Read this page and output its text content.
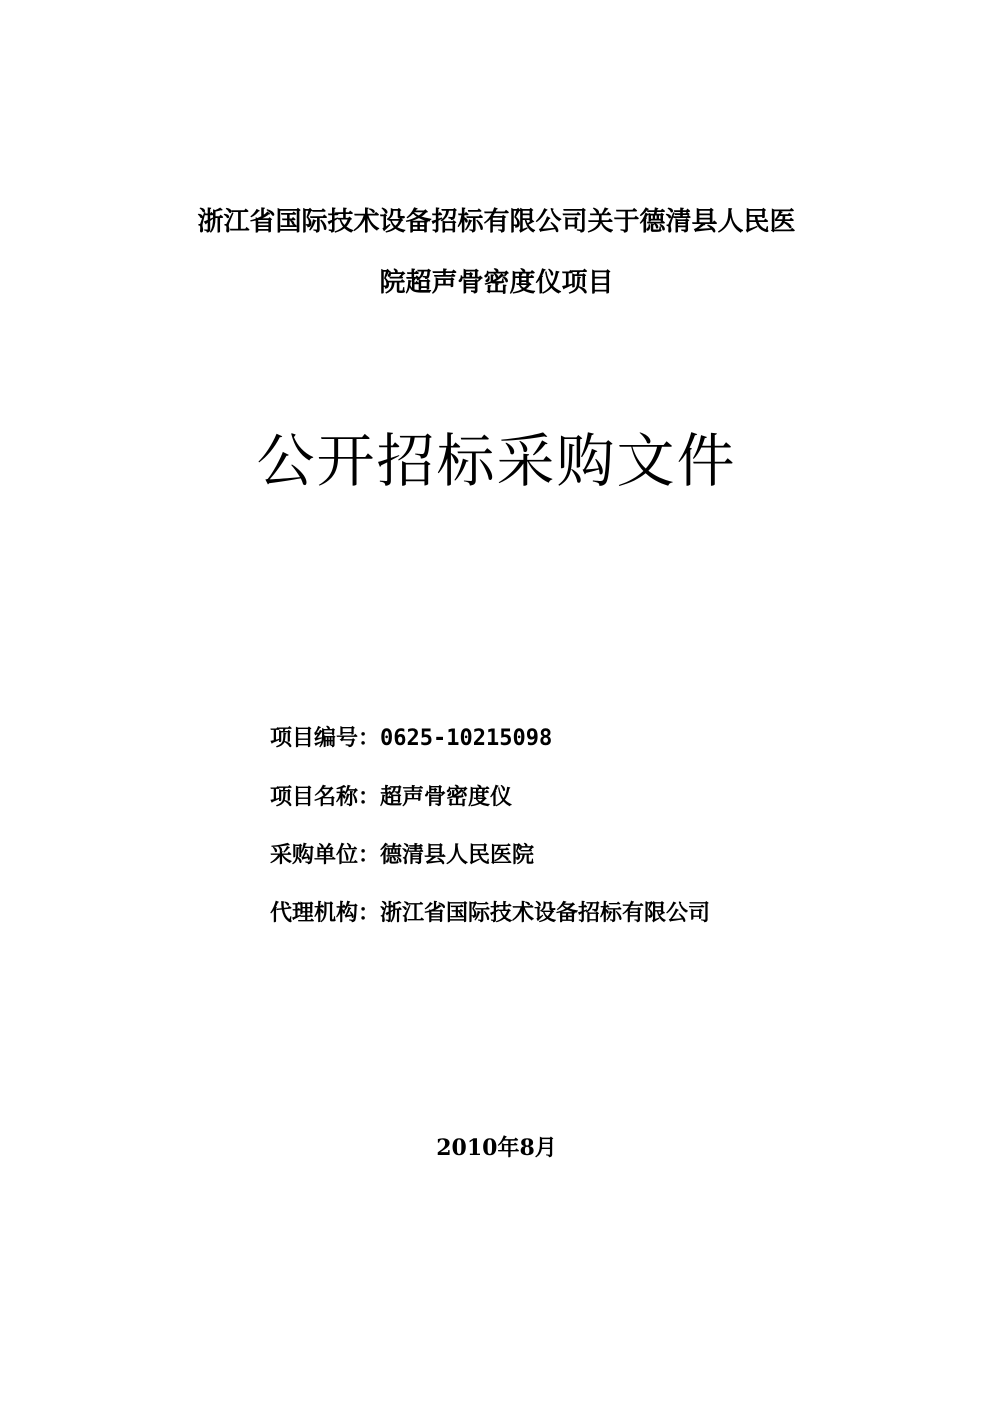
浙江省国际技术设备招标有限公司关于德清县人民医
院超声骨密度仪项目
公开招标采购文件
项目编号：0625-10215098
项目名称：超声骨密度仪
采购单位：德清县人民医院
代理机构：浙江省国际技术设备招标有限公司
2010年8月
